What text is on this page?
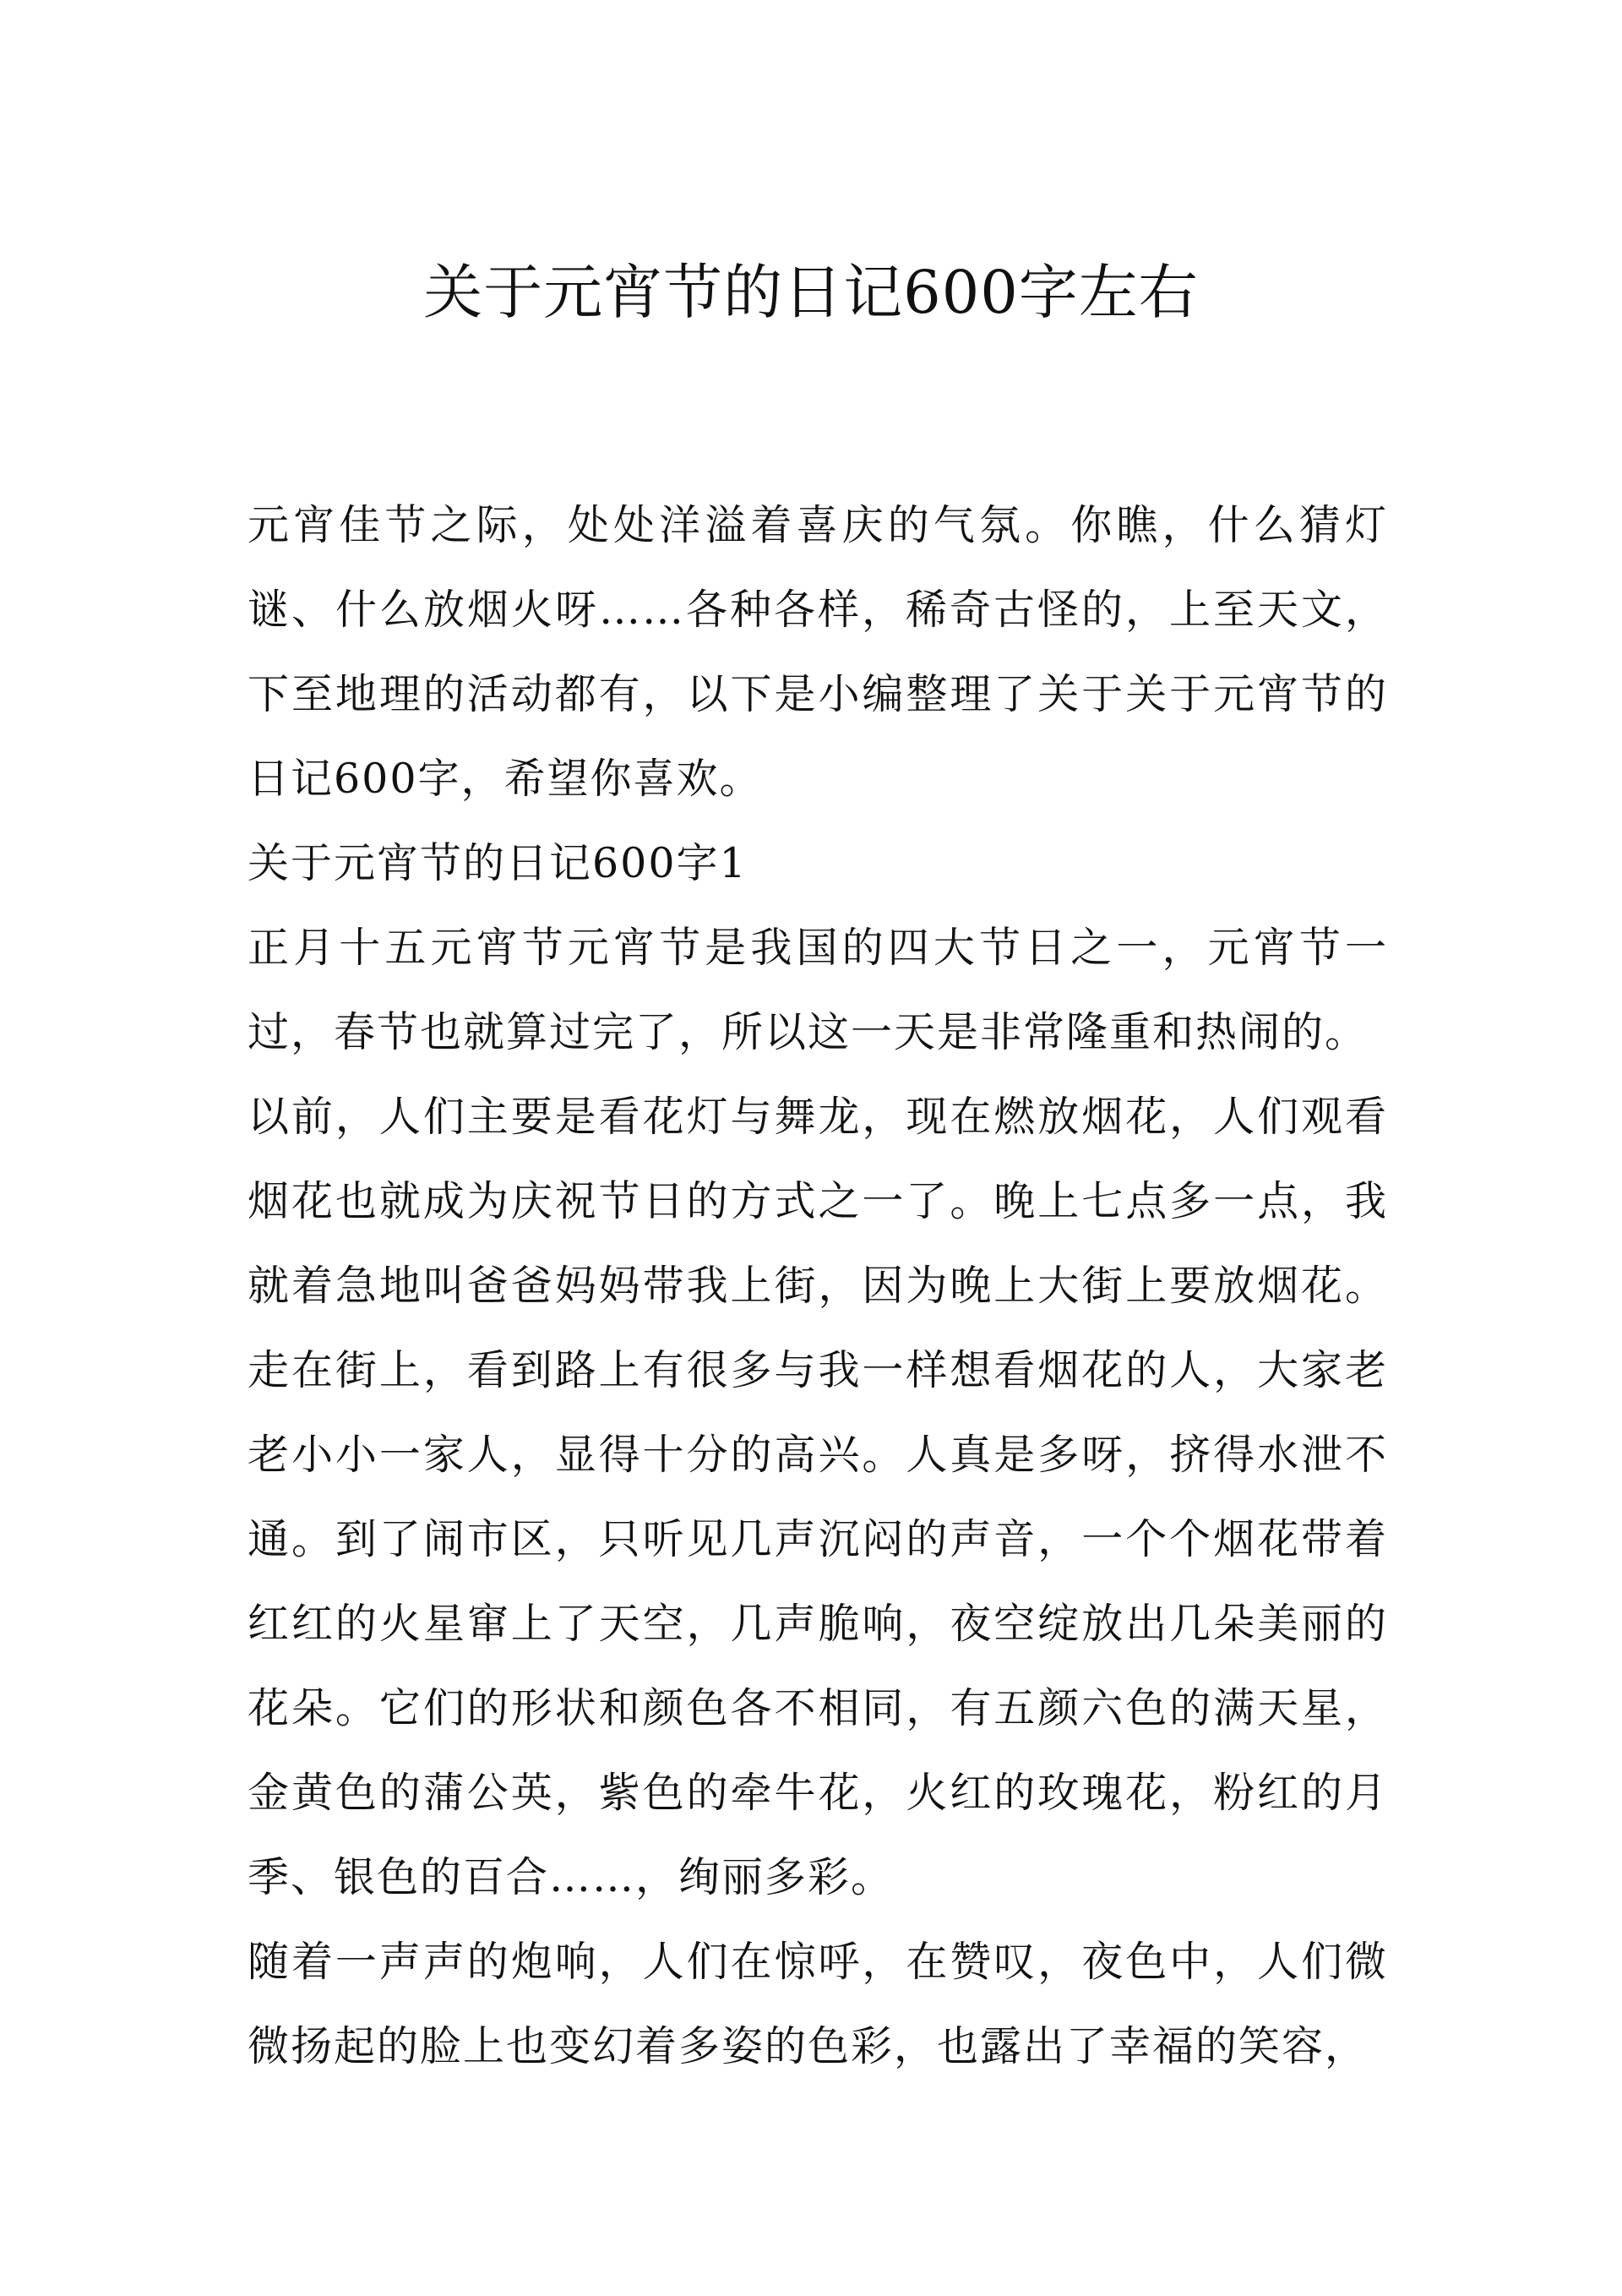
关于元宵节的日记600字左右

元宵佳节之际，处处洋溢着喜庆的气氛。你瞧，什么猜灯谜、什么放烟火呀……各种各样，稀奇古怪的，上至天文，下至地理的活动都有，以下是小编整理了关于关于元宵节的日记600字，希望你喜欢。

关于元宵节的日记600字1

正月十五元宵节元宵节是我国的四大节日之一，元宵节一过，春节也就算过完了，所以这一天是非常隆重和热闹的。

以前，人们主要是看花灯与舞龙，现在燃放烟花，人们观看烟花也就成为庆祝节日的方式之一了。晚上七点多一点，我就着急地叫爸爸妈妈带我上街，因为晚上大街上要放烟花。走在街上，看到路上有很多与我一样想看烟花的人，大家老老小小一家人，显得十分的高兴。人真是多呀，挤得水泄不通。到了闹市区，只听见几声沉闷的声音，一个个烟花带着红红的火星窜上了天空，几声脆响，夜空绽放出几朵美丽的花朵。它们的形状和颜色各不相同，有五颜六色的满天星，金黄色的蒲公英，紫色的牵牛花，火红的玫瑰花，粉红的月季、银色的百合……，绚丽多彩。

随着一声声的炮响，人们在惊呼，在赞叹，夜色中，人们微微扬起的脸上也变幻着多姿的色彩，也露出了幸福的笑容，
